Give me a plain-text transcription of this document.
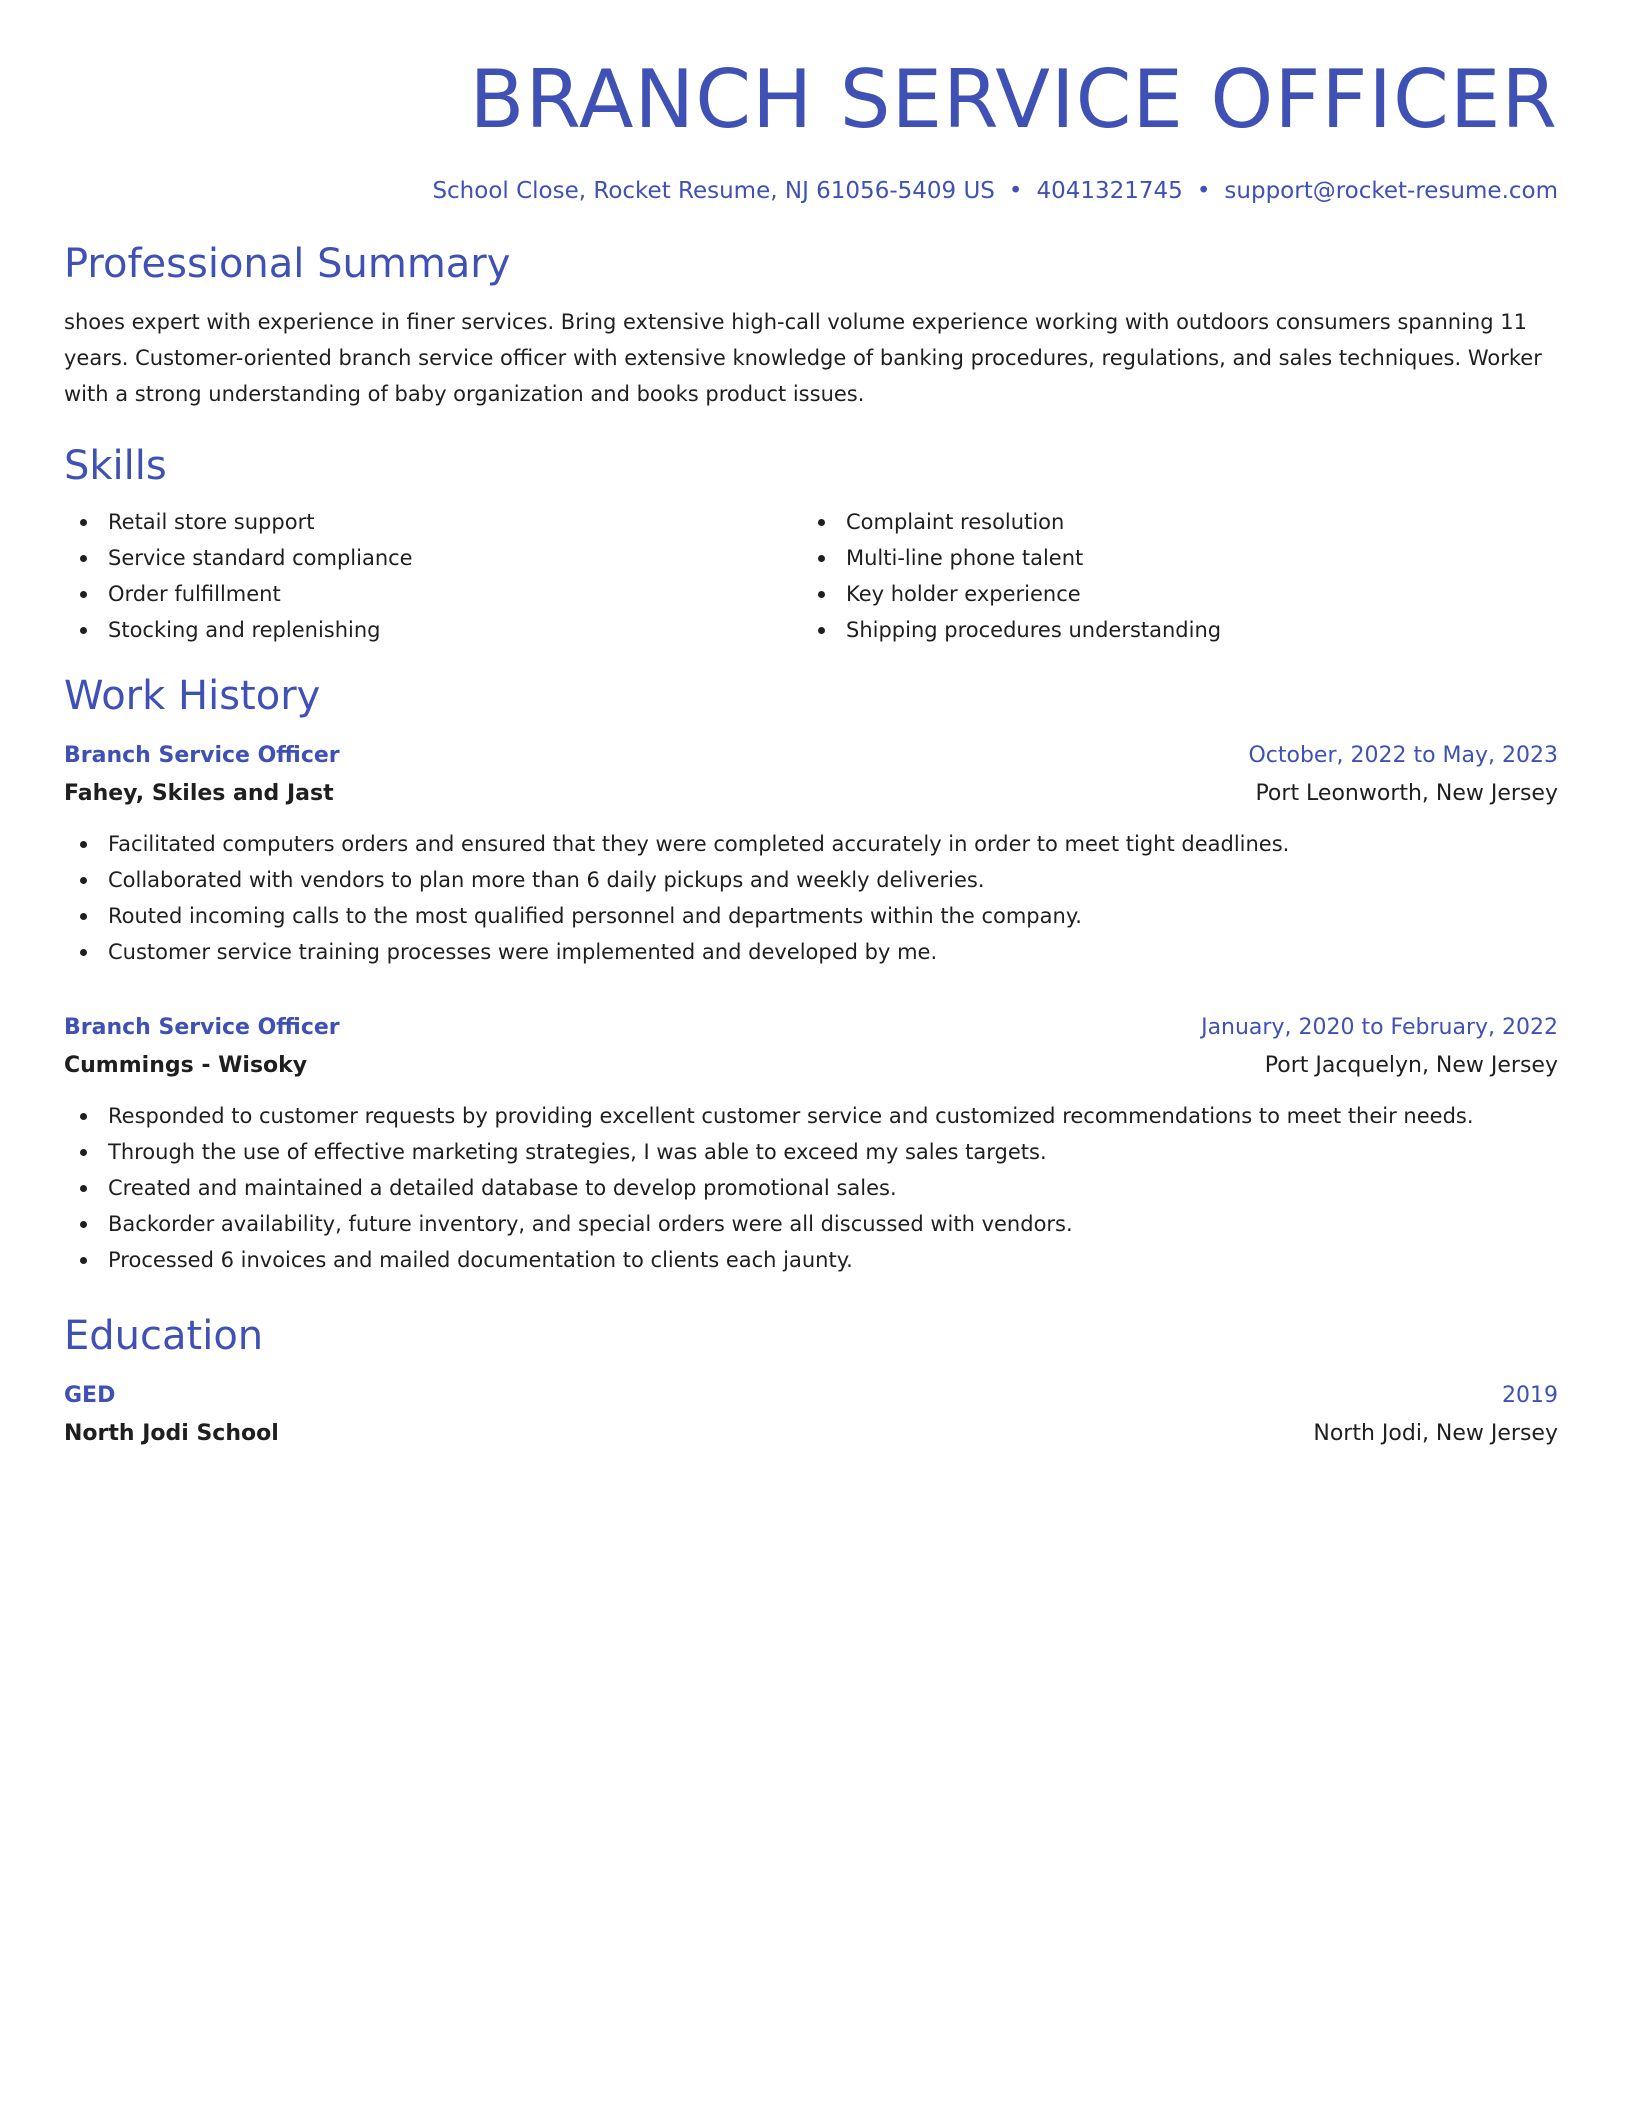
BRANCH SERVICE OFFICER
School Close, Rocket Resume, NJ 61056-5409 US • 4041321745 • support@rocket-resume.com
Professional Summary
shoes expert with experience in finer services. Bring extensive high-call volume experience working with outdoors consumers spanning 11 years. Customer-oriented branch service officer with extensive knowledge of banking procedures, regulations, and sales techniques. Worker with a strong understanding of baby organization and books product issues.
Skills
Retail store support
Service standard compliance
Order fulfillment
Stocking and replenishing
Complaint resolution
Multi-line phone talent
Key holder experience
Shipping procedures understanding
Work History
Branch Service Officer	October, 2022 to May, 2023
Fahey, Skiles and Jast	Port Leonworth, New Jersey
Facilitated computers orders and ensured that they were completed accurately in order to meet tight deadlines.
Collaborated with vendors to plan more than 6 daily pickups and weekly deliveries.
Routed incoming calls to the most qualified personnel and departments within the company.
Customer service training processes were implemented and developed by me.
Branch Service Officer	January, 2020 to February, 2022
Cummings - Wisoky	Port Jacquelyn, New Jersey
Responded to customer requests by providing excellent customer service and customized recommendations to meet their needs.
Through the use of effective marketing strategies, I was able to exceed my sales targets.
Created and maintained a detailed database to develop promotional sales.
Backorder availability, future inventory, and special orders were all discussed with vendors.
Processed 6 invoices and mailed documentation to clients each jaunty.
Education
GED	2019
North Jodi School	North Jodi, New Jersey
